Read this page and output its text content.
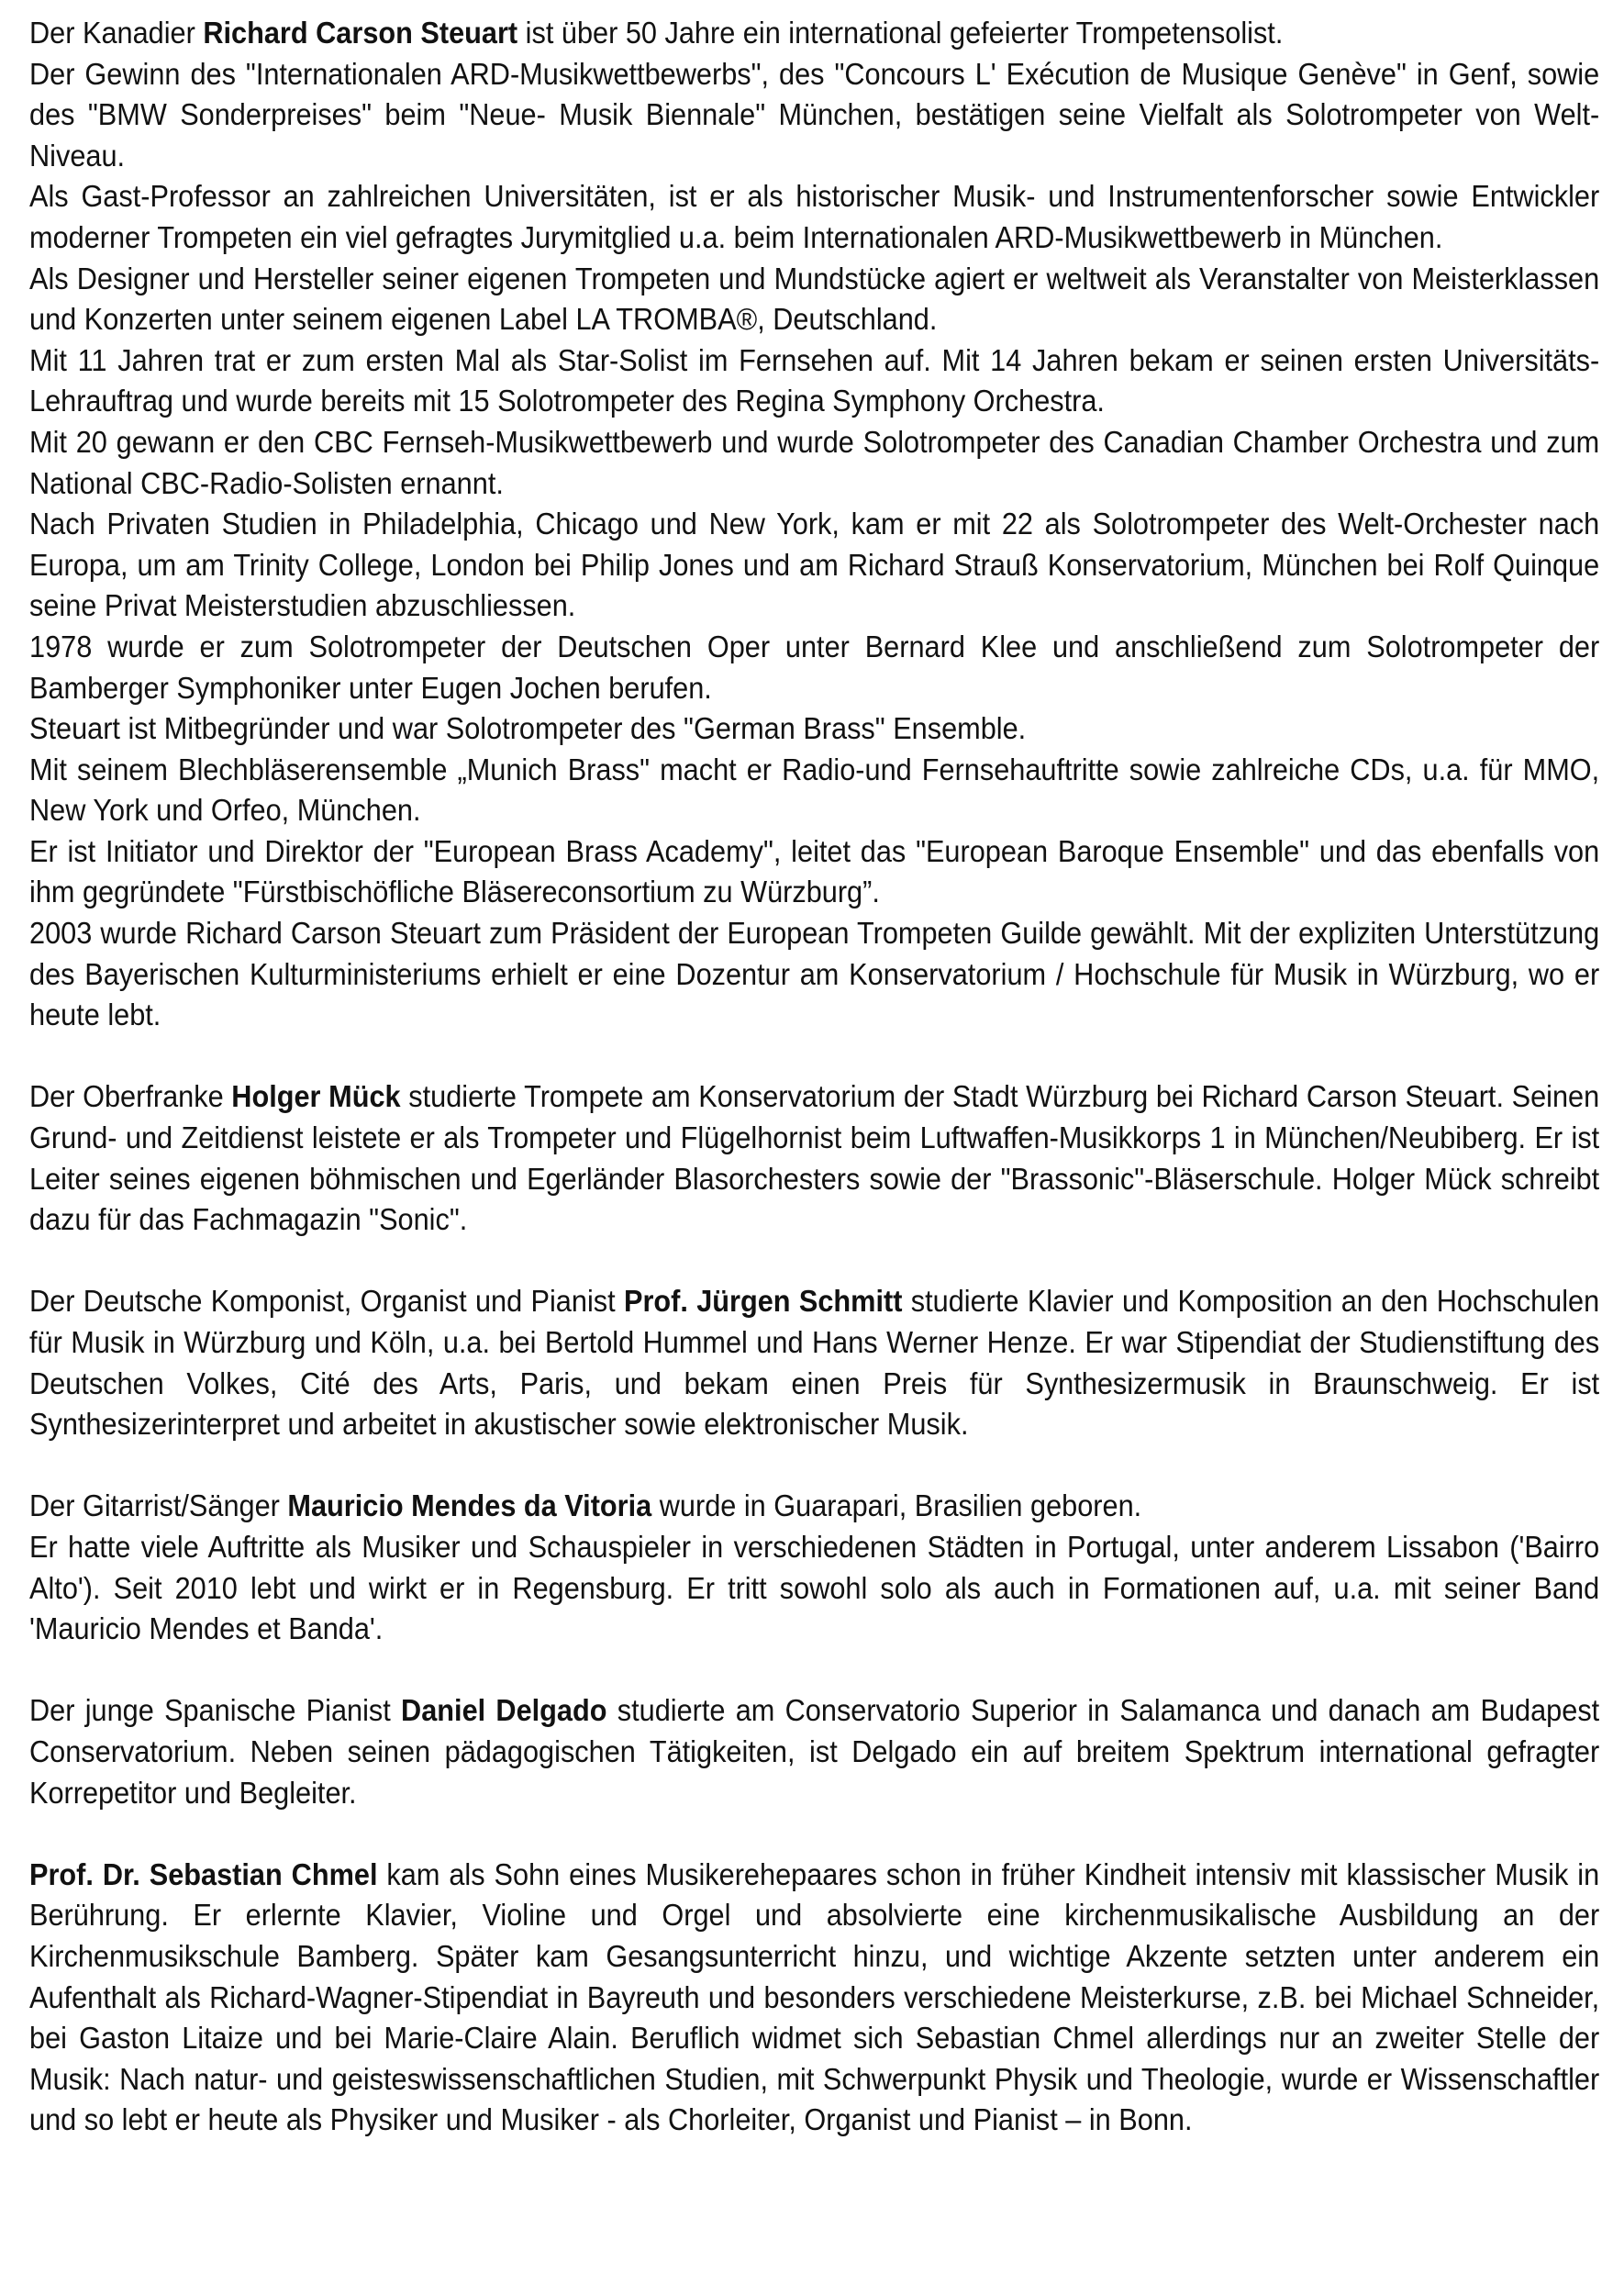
Der Kanadier Richard Carson Steuart ist über 50 Jahre ein international gefeierter Trompetensolist.
Der Gewinn des "Internationalen ARD-Musikwettbewerbs", des "Concours L' Exécution de Musique Genève" in Genf, sowie des "BMW Sonderpreises" beim "Neue- Musik Biennale" München, bestätigen seine Vielfalt als Solotrompeter von Welt-Niveau.
Als Gast-Professor an zahlreichen Universitäten, ist er als historischer Musik- und Instrumentenforscher sowie Entwickler moderner Trompeten ein viel gefragtes Jurymitglied u.a. beim Internationalen ARD-Musikwettbewerb in München.
Als Designer und Hersteller seiner eigenen Trompeten und Mundstücke agiert er weltweit als Veranstalter von Meisterklassen und Konzerten unter seinem eigenen Label LA TROMBA®, Deutschland.
Mit 11 Jahren trat er zum ersten Mal als Star-Solist im Fernsehen auf. Mit 14 Jahren bekam er seinen ersten Universitäts-Lehrauftrag und wurde bereits mit 15 Solotrompeter des Regina Symphony Orchestra.
Mit 20 gewann er den CBC Fernseh-Musikwettbewerb und wurde Solotrompeter des Canadian Chamber Orchestra und zum National CBC-Radio-Solisten ernannt.
Nach Privaten Studien in Philadelphia, Chicago und New York, kam er mit 22 als Solotrompeter des Welt-Orchester nach Europa, um am Trinity College, London bei Philip Jones und am Richard Strauß Konservatorium, München bei Rolf Quinque seine Privat Meisterstudien abzuschliessen.
1978 wurde er zum Solotrompeter der Deutschen Oper unter Bernard Klee und anschließend zum Solotrompeter der Bamberger Symphoniker unter Eugen Jochen berufen.
Steuart ist Mitbegründer und war Solotrompeter des "German Brass" Ensemble.
Mit seinem Blechbläserensemble „Munich Brass" macht er Radio-und Fernsehauftritte sowie zahlreiche CDs, u.a. für MMO, New York und Orfeo, München.
Er ist Initiator und Direktor der "European Brass Academy", leitet das "European Baroque Ensemble" und das ebenfalls von ihm gegründete "Fürstbischöfliche Bläsereconsortium zu Würzburg”.
2003 wurde Richard Carson Steuart zum Präsident der European Trompeten Guilde gewählt. Mit der expliziten Unterstützung des Bayerischen Kulturministeriums erhielt er eine Dozentur am Konservatorium / Hochschule für Musik in Würzburg, wo er heute lebt.

Der Oberfranke Holger Mück studierte Trompete am Konservatorium der Stadt Würzburg bei Richard Carson Steuart. Seinen Grund- und Zeitdienst leistete er als Trompeter und Flügelhornist beim Luftwaffen-Musikkorps 1 in München/Neubiberg. Er ist Leiter seines eigenen böhmischen und Egerländer Blasorchesters sowie der "Brassonic"-Bläserschule. Holger Mück schreibt dazu für das Fachmagazin "Sonic".

Der Deutsche Komponist, Organist und Pianist Prof. Jürgen Schmitt studierte Klavier und Komposition an den Hochschulen für Musik in Würzburg und Köln, u.a. bei Bertold Hummel und Hans Werner Henze. Er war Stipendiat der Studienstiftung des Deutschen Volkes, Cité des Arts, Paris, und bekam einen Preis für Synthesizermusik in Braunschweig. Er ist Synthesizerinterpret und arbeitet in akustischer sowie elektronischer Musik.

Der Gitarrist/Sänger Mauricio Mendes da Vitoria wurde in Guarapari, Brasilien geboren.
Er hatte viele Auftritte als Musiker und Schauspieler in verschiedenen Städten in Portugal, unter anderem Lissabon ('Bairro Alto'). Seit 2010 lebt und wirkt er in Regensburg. Er tritt sowohl solo als auch in Formationen auf, u.a. mit seiner Band 'Mauricio Mendes et Banda'.

Der junge Spanische Pianist Daniel Delgado studierte am Conservatorio Superior in Salamanca und danach am Budapest Conservatorium. Neben seinen pädagogischen Tätigkeiten, ist Delgado ein auf breitem Spektrum international gefragter Korrepetitor und Begleiter.

Prof. Dr. Sebastian Chmel kam als Sohn eines Musikerehepaares schon in früher Kindheit intensiv mit klassischer Musik in Berührung. Er erlernte Klavier, Violine und Orgel und absolvierte eine kirchenmusikalische Ausbildung an der Kirchenmusikschule Bamberg. Später kam Gesangsunterricht hinzu, und wichtige Akzente setzten unter anderem ein Aufenthalt als Richard-Wagner-Stipendiat in Bayreuth und besonders verschiedene Meisterkurse, z.B. bei Michael Schneider, bei Gaston Litaize und bei Marie-Claire Alain. Beruflich widmet sich Sebastian Chmel allerdings nur an zweiter Stelle der Musik: Nach natur- und geisteswissenschaftlichen Studien, mit Schwerpunkt Physik und Theologie, wurde er Wissenschaftler und so lebt er heute als Physiker und Musiker - als Chorleiter, Organist und Pianist – in Bonn.
